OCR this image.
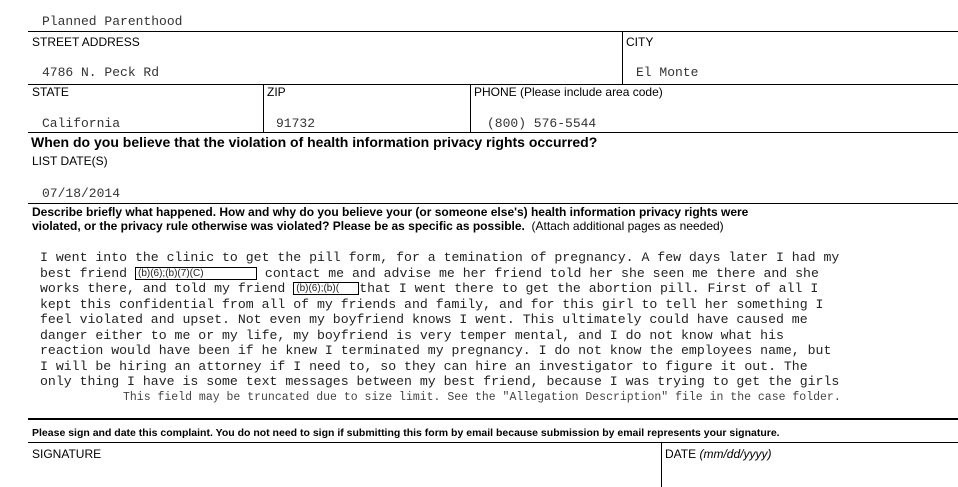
Planned Parenthood
STREET ADDRESS
4786 N. Peck Rd
CITY
El Monte
STATE
California
ZIP
91732
PHONE (Please include area code)
(800) 576-5544
When do you believe that the violation of health information privacy rights occurred?
LIST DATE(S)
07/18/2014
Describe briefly what happened. How and why do you believe your (or someone else's) health information privacy rights were
violated, or the privacy rule otherwise was violated? Please be as specific as possible. (Attach additional pages as needed)
I went into the clinic to get the pill form, for a temination of pregnancy. A few days later I had my
best friend (b)(6);(b)(7)(C)	contact me and advise me her friend told her she seen me there and she
works there, and told my friend (b)(6);(b)( that I went there to get the abortion pill. First of all I
kept this confidential from all of my friends and family, and for this girl to tell her something I
feel violated and upset. Not even my boyfriend knows I went. This ultimately could have caused me
danger either to me or my life, my boyfriend is very temper mental, and I do not know what his
reaction would have been if he knew I terminated my pregnancy. I do not know the employees name, but
I will be hiring an attorney if I need to, so they can hire an investigator to figure it out. The
only thing I have is some text messages between my best friend, because I was trying to get the girls
This field may be truncated due to size limit. See the "Allegation Description" file in the case folder.
Please sign and date this complaint. You do not need to sign if submitting this form by email because submission by email represents your signature.
SIGNATURE	DATE (mm/dd/yyyy)
